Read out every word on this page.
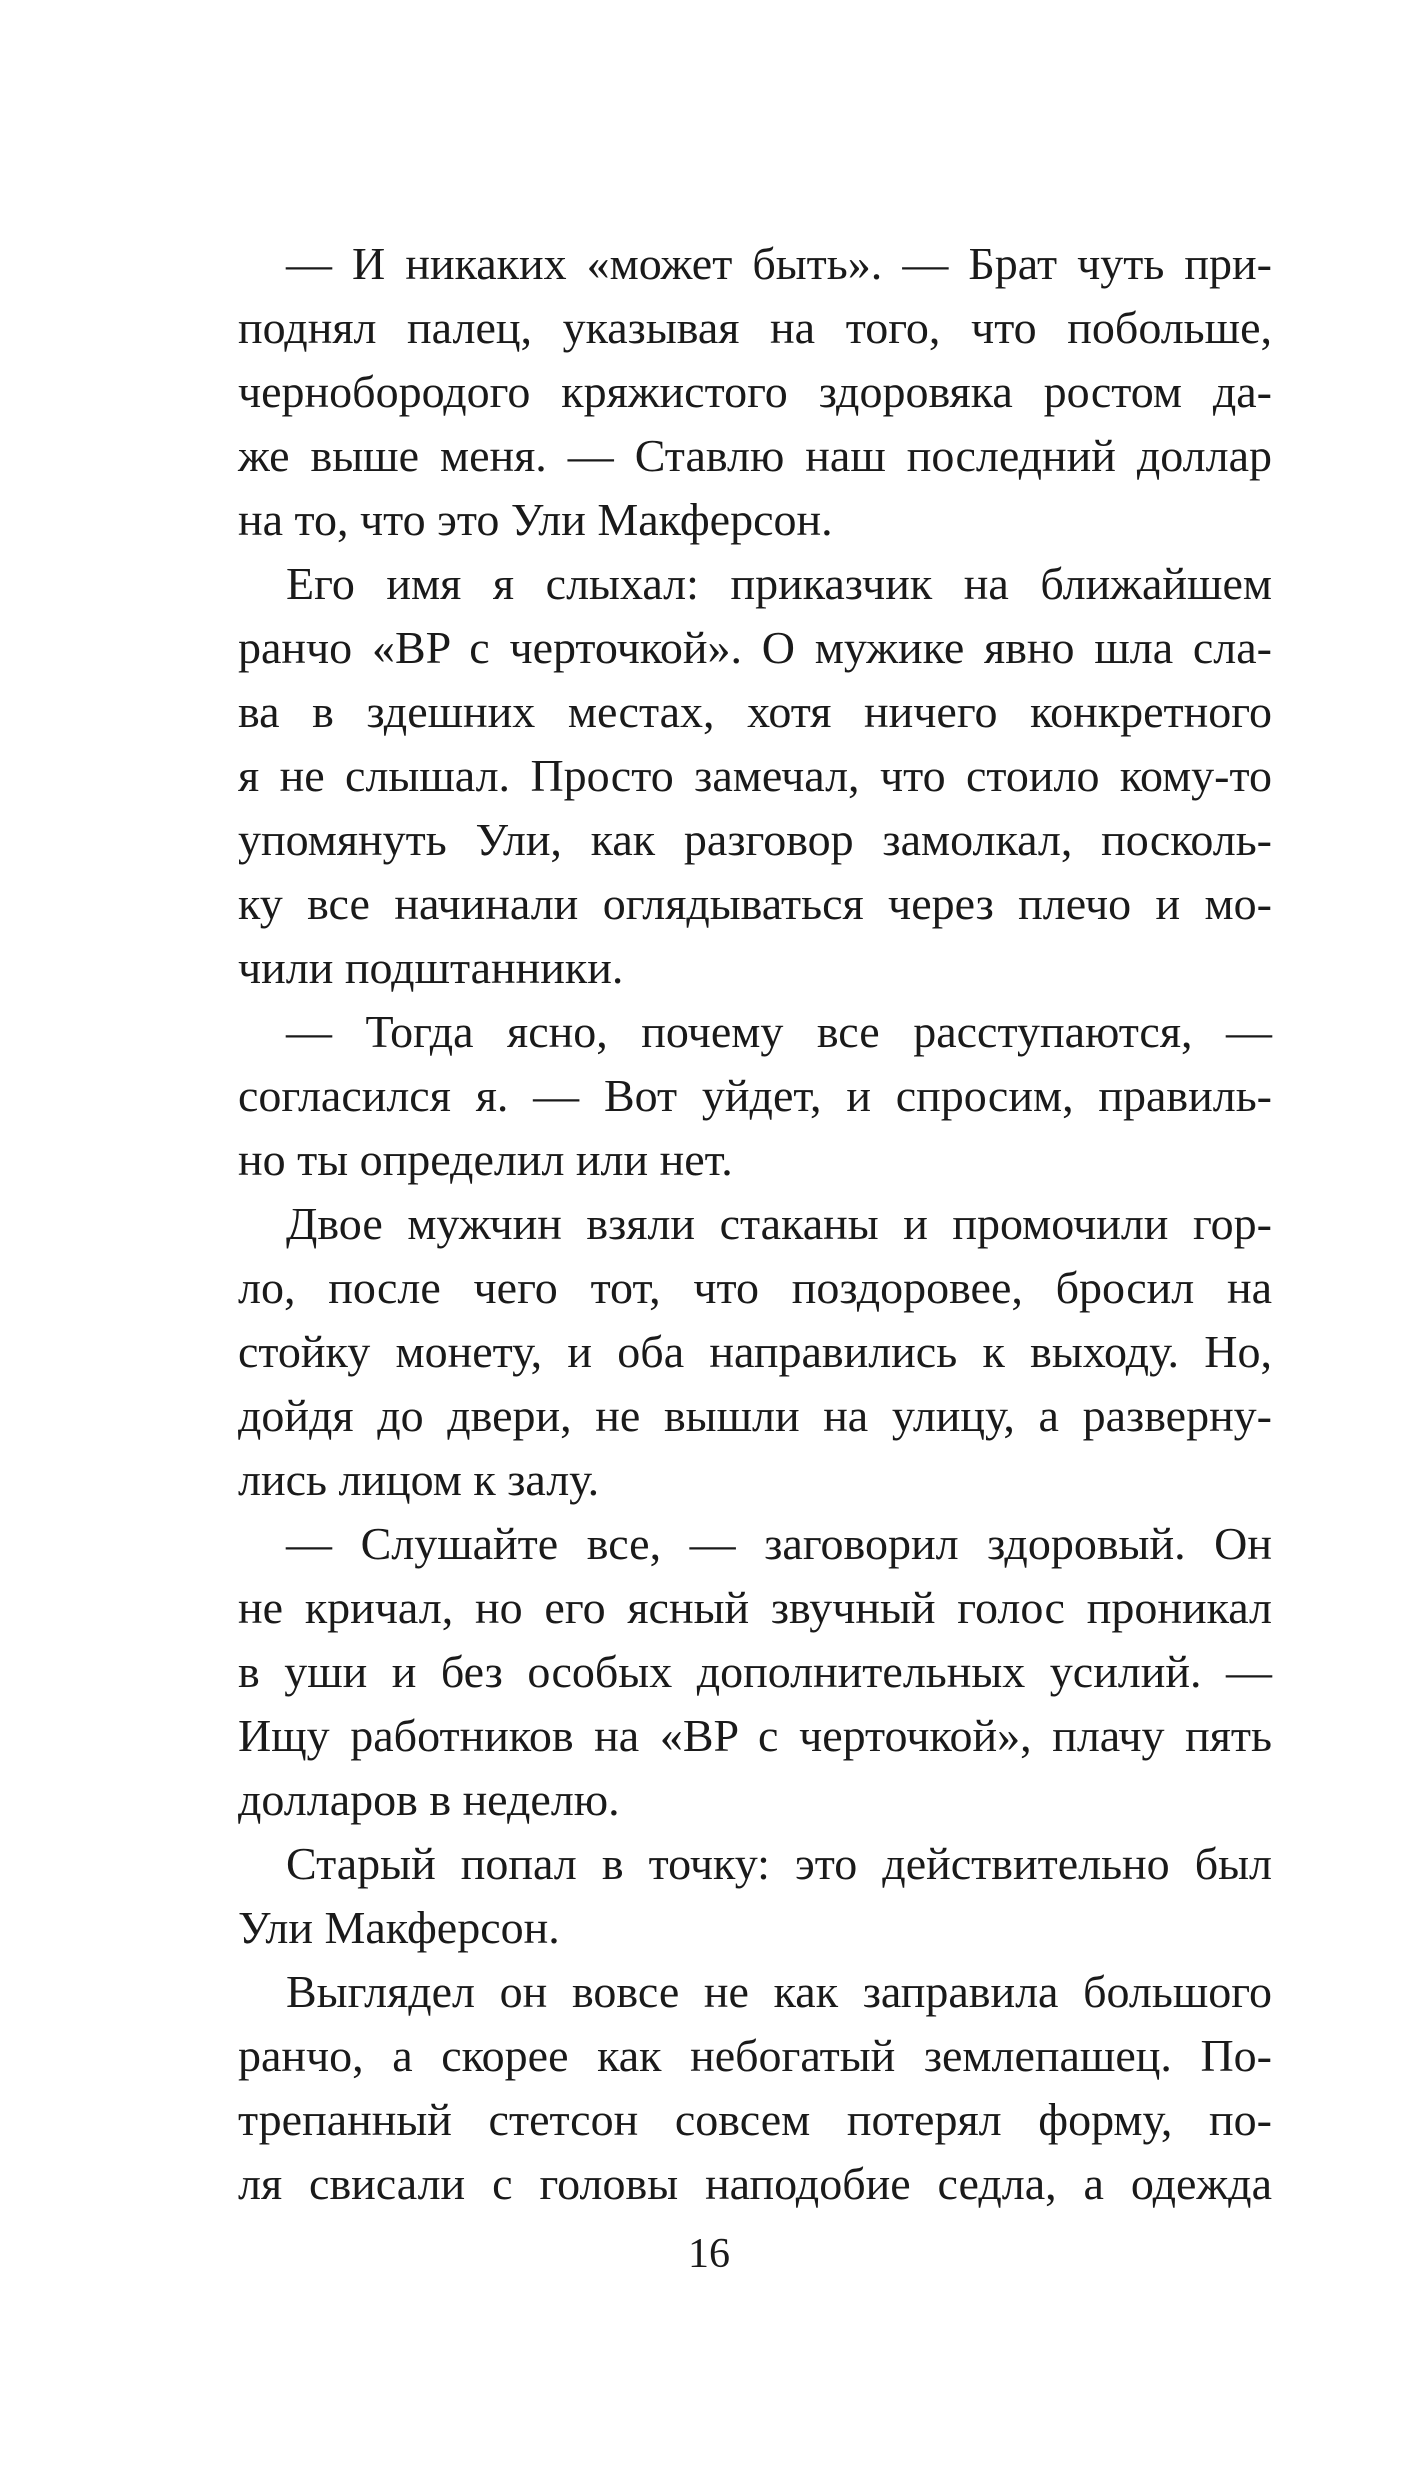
— И никаких «может быть». — Брат чуть при-
поднял палец, указывая на того, что побольше,
чернобородого кряжистого здоровяка ростом да-
же выше меня. — Ставлю наш последний доллар
на то, что это Ули Макферсон.
Его имя я слыхал: приказчик на ближайшем
ранчо «BP с черточкой». О мужике явно шла сла-
ва в здешних местах, хотя ничего конкретного
я не слышал. Просто замечал, что стоило кому-то
упомянуть Ули, как разговор замолкал, посколь-
ку все начинали оглядываться через плечо и мо-
чили подштанники.
— Тогда ясно, почему все расступаются, —
согласился я. — Вот уйдет, и спросим, правиль-
но ты определил или нет.
Двое мужчин взяли стаканы и промочили гор-
ло, после чего тот, что поздоровее, бросил на
стойку монету, и оба направились к выходу. Но,
дойдя до двери, не вышли на улицу, а разверну-
лись лицом к залу.
— Слушайте все, — заговорил здоровый. Он
не кричал, но его ясный звучный голос проникал
в уши и без особых дополнительных усилий. —
Ищу работников на «BP с черточкой», плачу пять
долларов в неделю.
Старый попал в точку: это действительно был
Ули Макферсон.
Выглядел он вовсе не как заправила большого
ранчо, а скорее как небогатый землепашец. По-
трепанный стетсон совсем потерял форму, по-
ля свисали с головы наподобие седла, а одежда
16
